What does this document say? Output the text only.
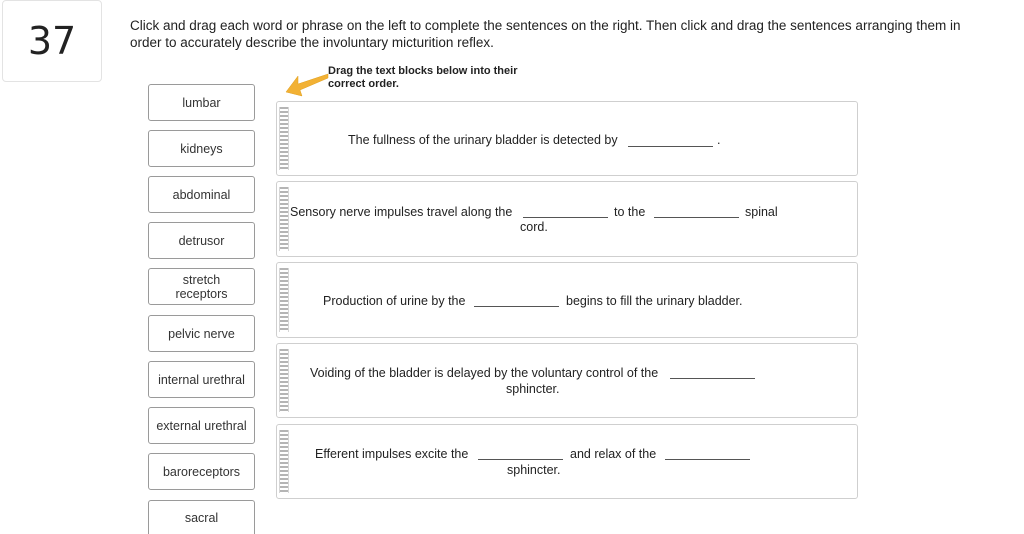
37	Click and drag each word or phrase on the left to complete the sentences on the right. Then click and drag the sentences arranging them in order to accurately describe the involuntary micturition reflex.
Drag the text blocks below into their correct order.
lumbar
kidneys
abdominal
detrusor
stretch receptors
pelvic nerve
internal urethral
external urethral
baroreceptors
sacral
The fullness of the urinary bladder is detected by	.
Sensory nerve impulses travel along the	to the	spinal
cord.
Production of urine by the	begins to fill the urinary bladder.
Voiding of the bladder is delayed by the voluntary control of the
sphincter.
Efferent impulses excite the	and relax of the
sphincter.
